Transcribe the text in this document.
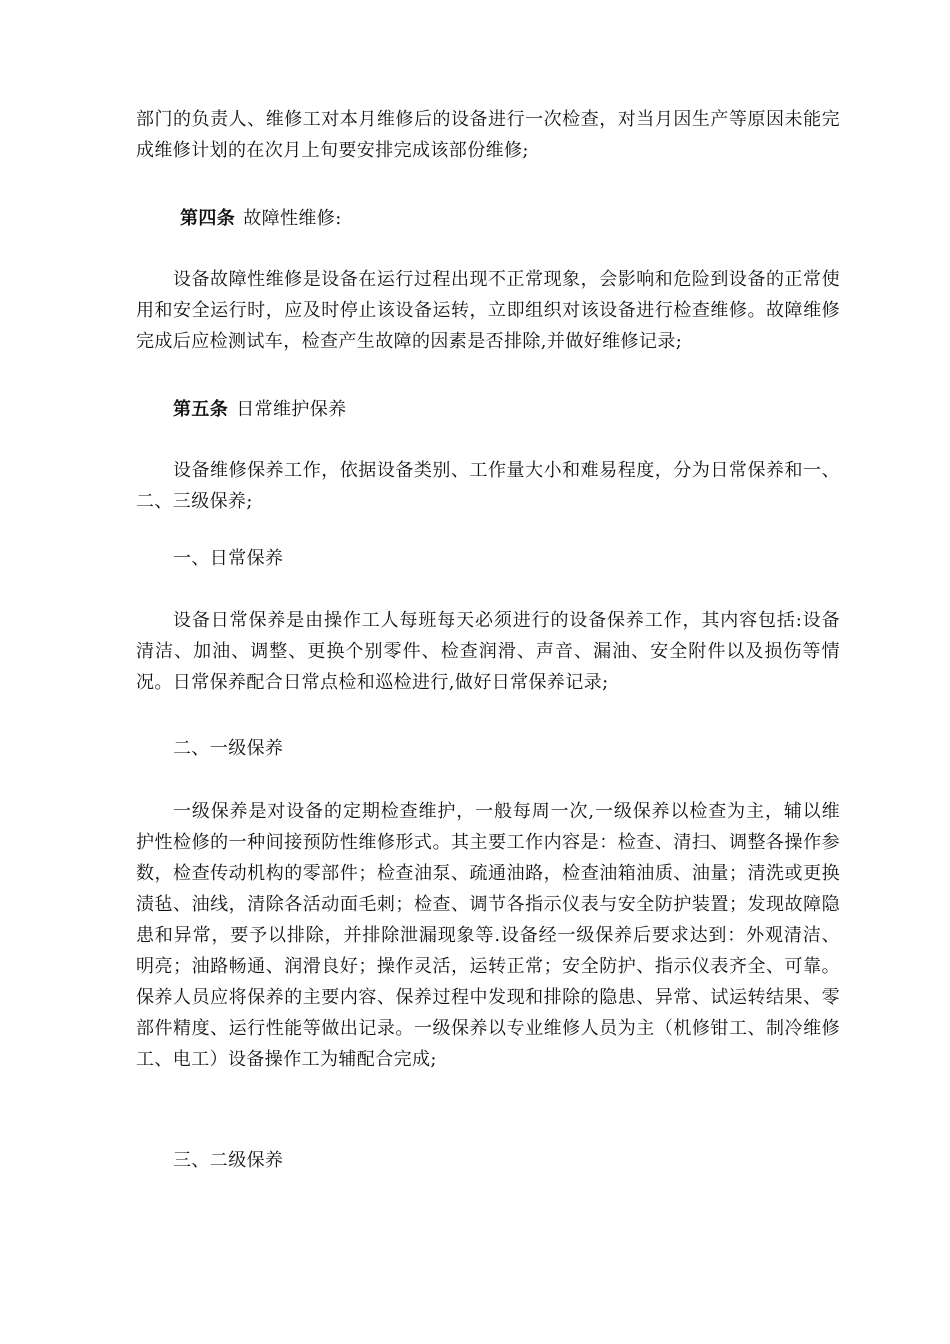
部门的负责人、维修工对本月维修后的设备进行一次检查，对当月因生产等原因未能完成维修计划的在次月上旬要安排完成该部份维修;

第四条 故障性维修:

设备故障性维修是设备在运行过程出现不正常现象，会影响和危险到设备的正常使用和安全运行时，应及时停止该设备运转，立即组织对该设备进行检查维修。故障维修完成后应检测试车，检查产生故障的因素是否排除,并做好维修记录;

第五条 日常维护保养

设备维修保养工作，依据设备类别、工作量大小和难易程度，分为日常保养和一、二、三级保养;

一、日常保养

设备日常保养是由操作工人每班每天必须进行的设备保养工作，其内容包括:设备清洁、加油、调整、更换个别零件、检查润滑、声音、漏油、安全附件以及损伤等情况。日常保养配合日常点检和巡检进行,做好日常保养记录;

二、一级保养

一级保养是对设备的定期检查维护，一般每周一次,一级保养以检查为主，辅以维护性检修的一种间接预防性维修形式。其主要工作内容是：检查、清扫、调整各操作参数，检查传动机构的零部件；检查油泵、疏通油路，检查油箱油质、油量；清洗或更换渍毡、油线，清除各活动面毛刺；检查、调节各指示仪表与安全防护装置；发现故障隐患和异常，要予以排除，并排除泄漏现象等.设备经一级保养后要求达到：外观清洁、明亮；油路畅通、润滑良好；操作灵活，运转正常；安全防护、指示仪表齐全、可靠。保养人员应将保养的主要内容、保养过程中发现和排除的隐患、异常、试运转结果、零部件精度、运行性能等做出记录。一级保养以专业维修人员为主（机修钳工、制冷维修工、电工）设备操作工为辅配合完成;

三、二级保养
